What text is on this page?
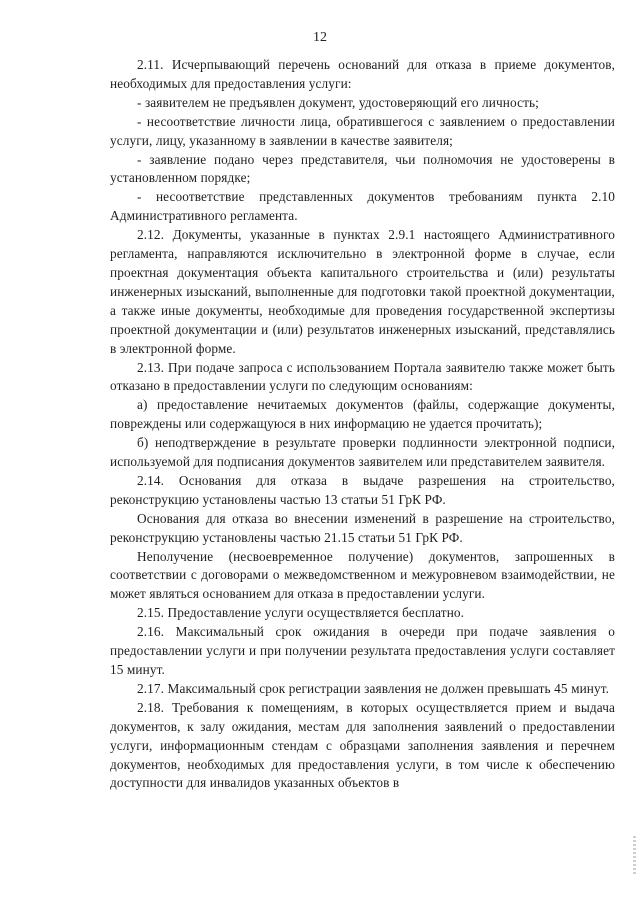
12

2.11. Исчерпывающий перечень оснований для отказа в приеме документов, необходимых для предоставления услуги:

- заявителем не предъявлен документ, удостоверяющий его личность;

- несоответствие личности лица, обратившегося с заявлением о предоставлении услуги, лицу, указанному в заявлении в качестве заявителя;

- заявление подано через представителя, чьи полномочия не удостоверены в установленном порядке;

- несоответствие представленных документов требованиям пункта 2.10 Административного регламента.

2.12. Документы, указанные в пунктах 2.9.1 настоящего Административного регламента, направляются исключительно в электронной форме в случае, если проектная документация объекта капитального строительства и (или) результаты инженерных изысканий, выполненные для подготовки такой проектной документации, а также иные документы, необходимые для проведения государственной экспертизы проектной документации и (или) результатов инженерных изысканий, представлялись в электронной форме.

2.13. При подаче запроса с использованием Портала заявителю также может быть отказано в предоставлении услуги по следующим основаниям:

а) предоставление нечитаемых документов (файлы, содержащие документы, повреждены или содержащуюся в них информацию не удается прочитать);

б) неподтверждение в результате проверки подлинности электронной подписи, используемой для подписания документов заявителем или представителем заявителя.

2.14. Основания для отказа в выдаче разрешения на строительство, реконструкцию установлены частью 13 статьи 51 ГрК РФ.

Основания для отказа во внесении изменений в разрешение на строительство, реконструкцию установлены частью 21.15 статьи 51 ГрК РФ.

Неполучение (несвоевременное получение) документов, запрошенных в соответствии с договорами о межведомственном и межуровневом взаимодействии, не может являться основанием для отказа в предоставлении услуги.

2.15. Предоставление услуги осуществляется бесплатно.

2.16. Максимальный срок ожидания в очереди при подаче заявления о предоставлении услуги и при получении результата предоставления услуги составляет 15 минут.

2.17. Максимальный срок регистрации заявления не должен превышать 45 минут.

2.18. Требования к помещениям, в которых осуществляется прием и выдача документов, к залу ожидания, местам для заполнения заявлений о предоставлении услуги, информационным стендам с образцами заполнения заявления и перечнем документов, необходимых для предоставления услуги, в том числе к обеспечению доступности для инвалидов указанных объектов в
